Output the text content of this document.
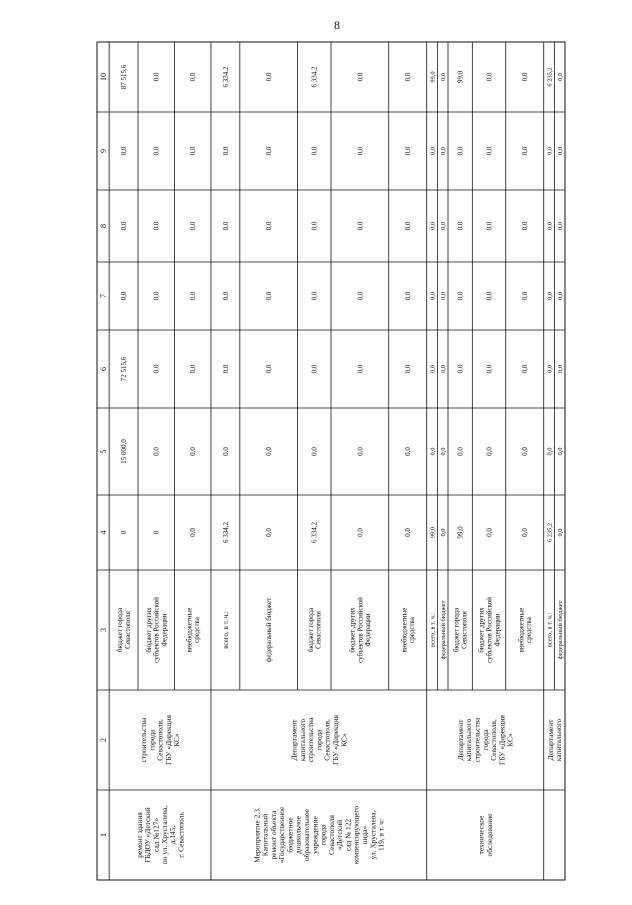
8
10
9
8
7
6
5
4
3
2
1
бюджет города Севастополя
0
15 000,0
72 515,6
0,0
0,0
0,0
87 515,6
бюджет других субъектов Российской Федерации
0
0,0
0,0
0,0
0,0
0,0
0,0
внебюджетные средства
0,0
0,0
0,0
0,0
0,0
0,0
0,0
всего, в т. ч.:
6 334,2
0,0
0,0
0,0
0,0
0,0
6 334,2
федеральный бюджет
0,0
0,0
0,0
0,0
0,0
0,0
0,0
бюджет города Севастополя
6 334,2
0,0
0,0
0,0
0,0
0,0
6 334,2
бюджет других субъектов Российской Федерации
0,0
0,0
0,0
0,0
0,0
0,0
0,0
внебюджетные средства
0,0
0,0
0,0
0,0
0,0
0,0
0,0
всего, в т. ч.:
99,0
0,0
0,0
0,0
0,0
0,0
99,0
федеральный бюджет
0,0
0,0
0,0
0,0
0,0
0,0
0,0
бюджет города Севастополя
99,0
0,0
0,0
0,0
0,0
0,0
99,0
бюджет других субъектов Российской Федерации
0,0
0,0
0,0
0,0
0,0
0,0
0,0
внебюджетные средства
0,0
0,0
0,0
0,0
0,0
0,0
0,0
всего, в т. ч.:
6 235,2
0,0
0,0
0,0
0,0
0,0
6 235,2
федеральный бюджет
0,0
0,0
0,0
0,0
0,0
0,0
0,0
строительства города Севастополя, ГБУ «Дирекция КС»
ремонт здания ГБДОУ «Детский сад №127» по ул. Хрусталева, д.145, г. Севастополь
Департамент капитального строительства города Севастополя, ГБУ «Дирекция КС»
Мероприятие 2.3. Капитальный ремонт объекта «Государственное бюджетное дошкольное образовательное учреждение города Севастополя «Детский сад № 122 компенсирующего вида» ул. Хрусталева, 119, в т. ч:
Департамент капитального строительства города Севастополя, ГБУ «Дирекция КС»
техническое обследование
Департамент капитального
